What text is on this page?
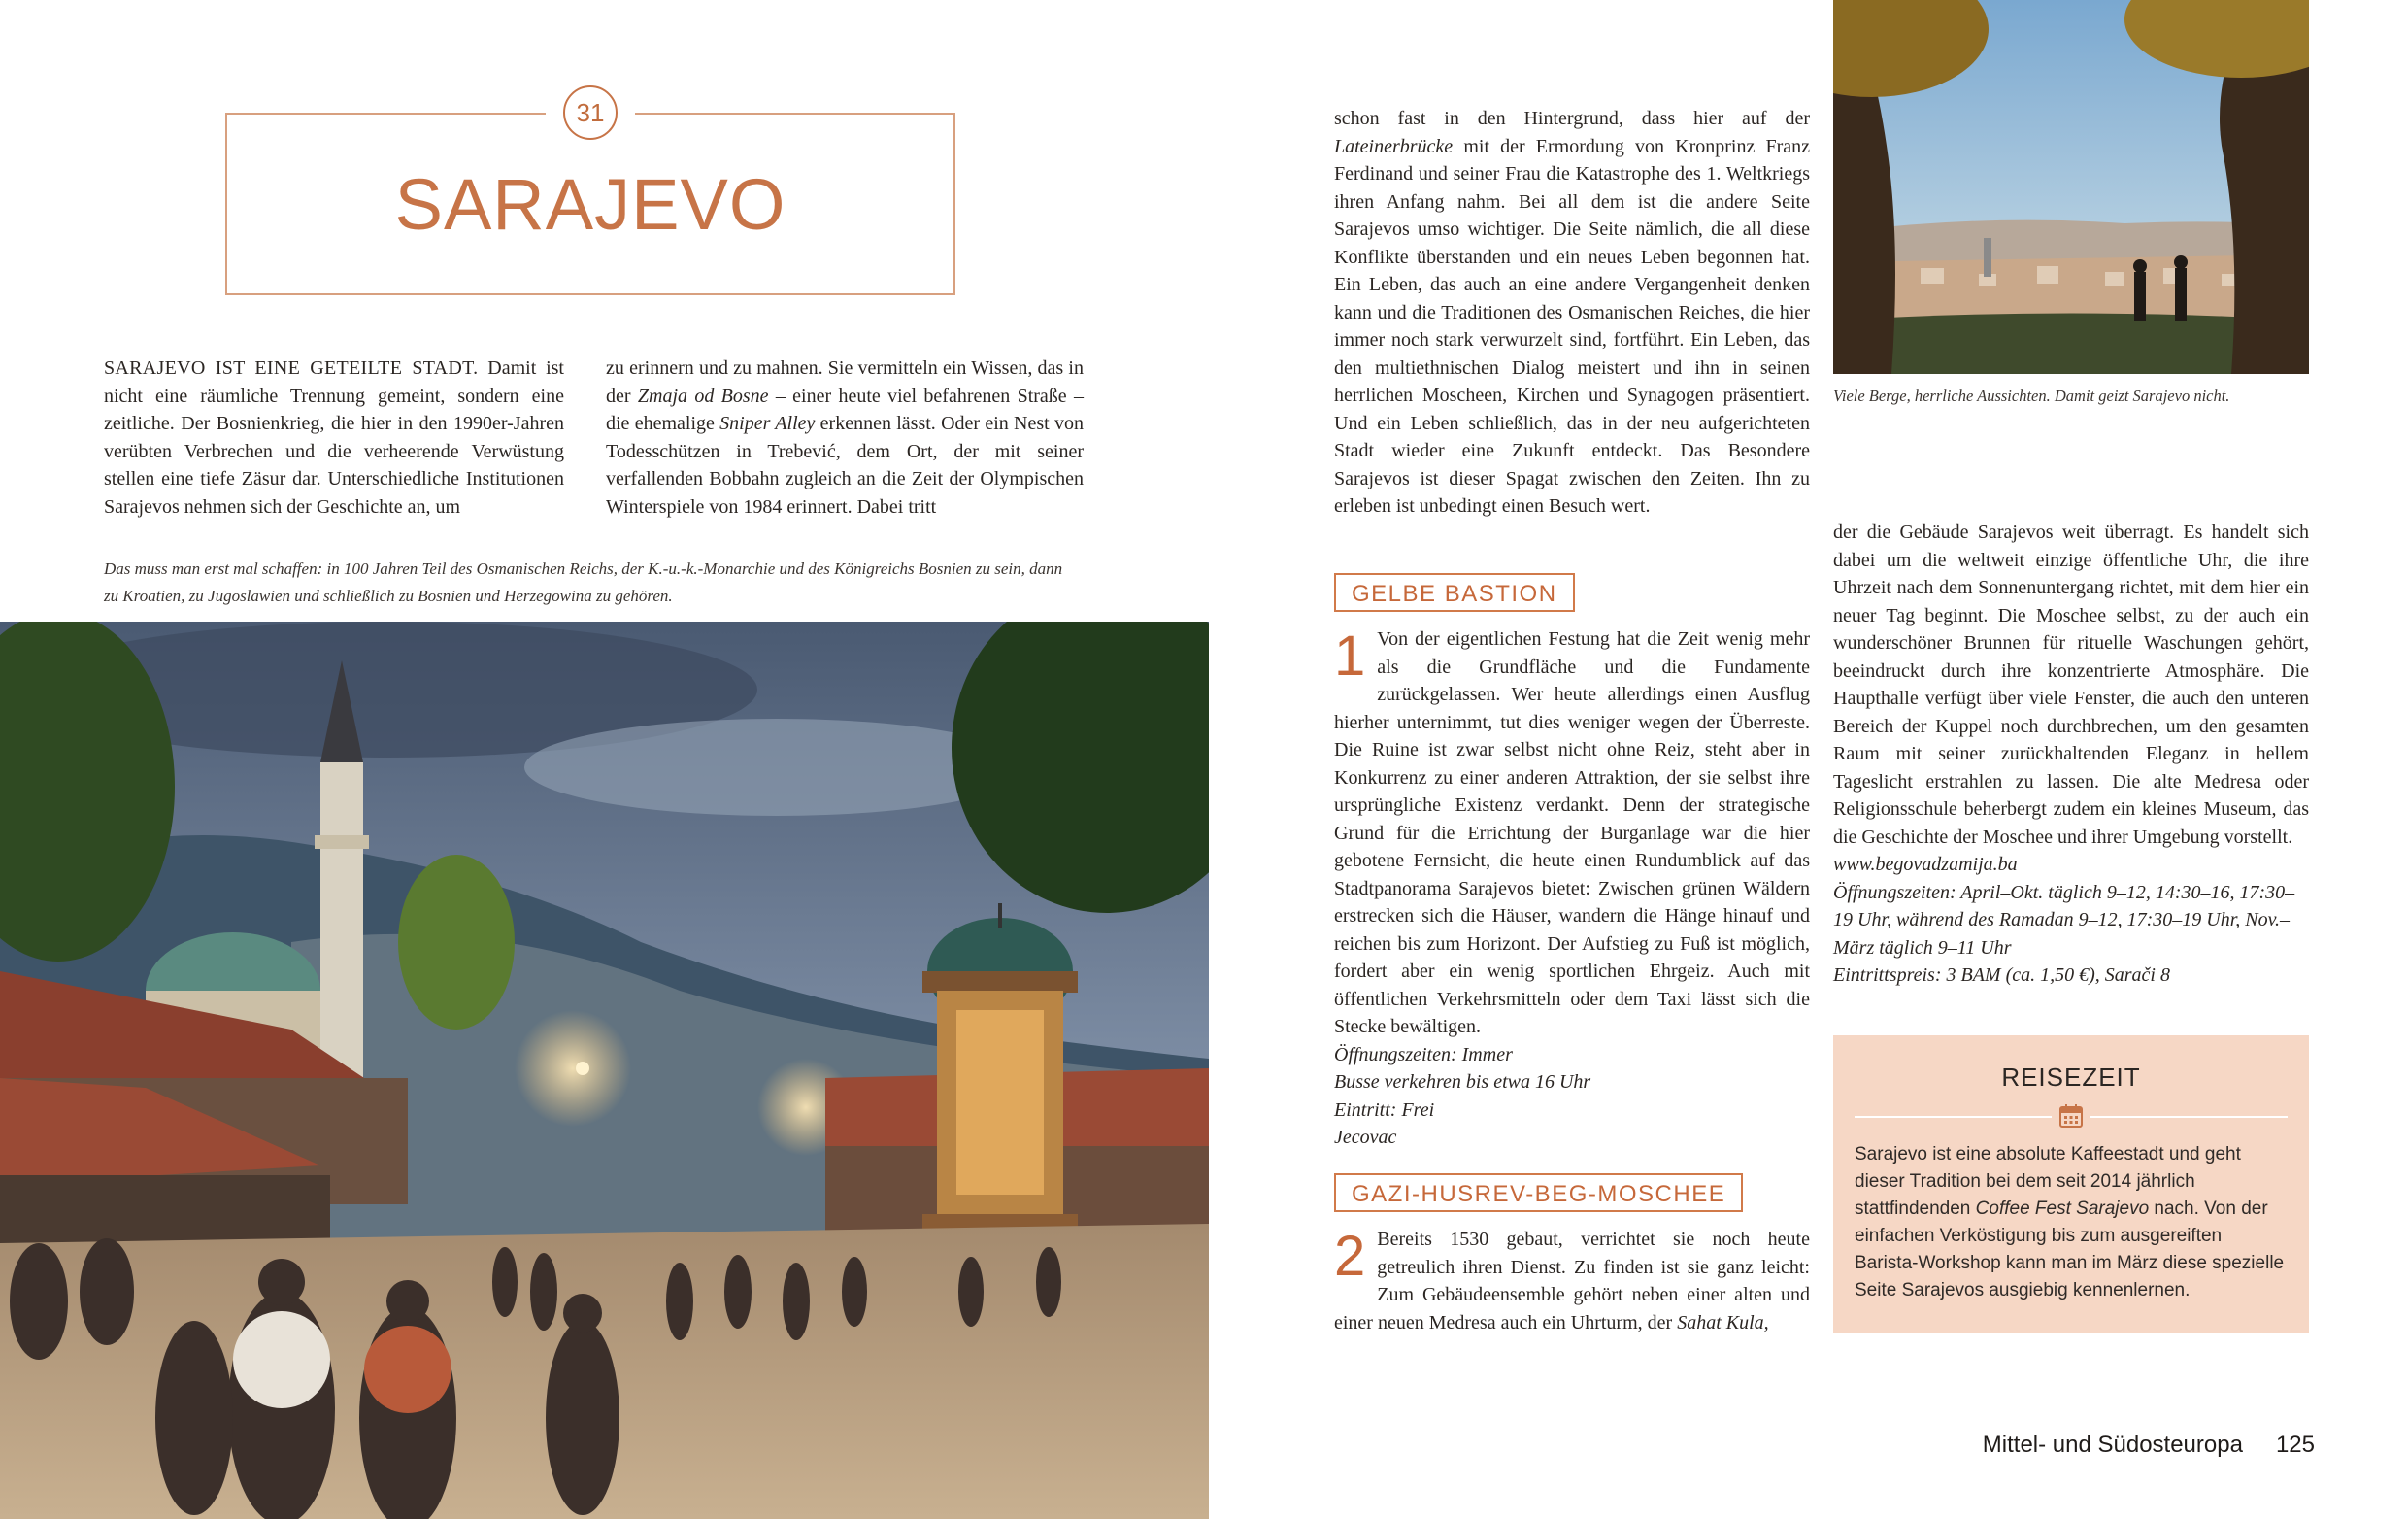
31
SARAJEVO

SARAJEVO IST EINE GETEILTE STADT. Damit ist nicht eine räumliche Trennung gemeint, sondern eine zeitliche. Der Bosnienkrieg, die hier in den 1990er-Jahren verübten Verbrechen und die verheerende Verwüstung stellen eine tiefe Zäsur dar. Unterschiedliche Institutionen Sarajevos nehmen sich der Geschichte an, um

zu erinnern und zu mahnen. Sie vermitteln ein Wissen, das in der Zmaja od Bosne – einer heute viel befahrenen Straße – die ehemalige Sniper Alley erkennen lässt. Oder ein Nest von Todesschützen in Trebević, dem Ort, der mit seiner verfallenden Bobbahn zugleich an die Zeit der Olympischen Winterspiele von 1984 erinnert. Dabei tritt

Das muss man erst mal schaffen: in 100 Jahren Teil des Osmanischen Reichs, der K.-u.-k.-Monarchie und des Königreichs Bosnien zu sein, dann zu Kroatien, zu Jugoslawien und schließlich zu Bosnien und Herzegowina zu gehören.

schon fast in den Hintergrund, dass hier auf der Lateinerbrücke mit der Ermordung von Kronprinz Franz Ferdinand und seiner Frau die Katastrophe des 1. Weltkriegs ihren Anfang nahm. Bei all dem ist die andere Seite Sarajevos umso wichtiger. Die Seite nämlich, die all diese Konflikte überstanden und ein neues Leben begonnen hat. Ein Leben, das auch an eine andere Vergangenheit denken kann und die Traditionen des Osmanischen Reiches, die hier immer noch stark verwurzelt sind, fortführt. Ein Leben, das den multiethnischen Dialog meistert und ihn in seinen herrlichen Moscheen, Kirchen und Synagogen präsentiert. Und ein Leben schließlich, das in der neu aufgerichteten Stadt wieder eine Zukunft entdeckt. Das Besondere Sarajevos ist dieser Spagat zwischen den Zeiten. Ihn zu erleben ist unbedingt einen Besuch wert.

GELBE BASTION
1 Von der eigentlichen Festung hat die Zeit wenig mehr als die Grundfläche und die Fundamente zurückgelassen. Wer heute allerdings einen Ausflug hierher unternimmt, tut dies weniger wegen der Überreste. Die Ruine ist zwar selbst nicht ohne Reiz, steht aber in Konkurrenz zu einer anderen Attraktion, der sie selbst ihre ursprüngliche Existenz verdankt. Denn der strategische Grund für die Errichtung der Burganlage war die hier gebotene Fernsicht, die heute einen Rundumblick auf das Stadtpanorama Sarajevos bietet: Zwischen grünen Wäldern erstrecken sich die Häuser, wandern die Hänge hinauf und reichen bis zum Horizont. Der Aufstieg zu Fuß ist möglich, fordert aber ein wenig sportlichen Ehrgeiz. Auch mit öffentlichen Verkehrsmitteln oder dem Taxi lässt sich die Stecke bewältigen.

Öffnungszeiten: Immer

Busse verkehren bis etwa 16 Uhr

Eintritt: Frei

Jecovac

GAZI-HUSREV-BEG-MOSCHEE
2 Bereits 1530 gebaut, verrichtet sie noch heute getreulich ihren Dienst. Zu finden ist sie ganz leicht: Zum Gebäudeensemble gehört neben einer alten und einer neuen Medresa auch ein Uhrturm, der Sahat Kula,

Viele Berge, herrliche Aussichten. Damit geizt Sarajevo nicht.

der die Gebäude Sarajevos weit überragt. Es handelt sich dabei um die weltweit einzige öffentliche Uhr, die ihre Uhrzeit nach dem Sonnenuntergang richtet, mit dem hier ein neuer Tag beginnt. Die Moschee selbst, zu der auch ein wunderschöner Brunnen für rituelle Waschungen gehört, beeindruckt durch ihre konzentrierte Atmosphäre. Die Haupthalle verfügt über viele Fenster, die auch den unteren Bereich der Kuppel noch durchbrechen, um den gesamten Raum mit seiner zurückhaltenden Eleganz in hellem Tageslicht erstrahlen zu lassen. Die alte Medresa oder Religionsschule beherbergt zudem ein kleines Museum, das die Geschichte der Moschee und ihrer Umgebung vorstellt.

www.begovadzamija.ba

Öffnungszeiten: April–Okt. täglich 9–12, 14:30–16, 17:30–19 Uhr, während des Ramadan 9–12, 17:30–19 Uhr, Nov.–März täglich 9–11 Uhr

Eintrittspreis: 3 BAM (ca. 1,50 €), Sarači 8

REISEZEIT
Sarajevo ist eine absolute Kaffeestadt und geht dieser Tradition bei dem seit 2014 jährlich stattfindenden Coffee Fest Sarajevo nach. Von der einfachen Verköstigung bis zum ausgereiften Barista-Workshop kann man im März diese spezielle Seite Sarajevos ausgiebig kennenlernen.
Mittel- und Südosteuropa 125
